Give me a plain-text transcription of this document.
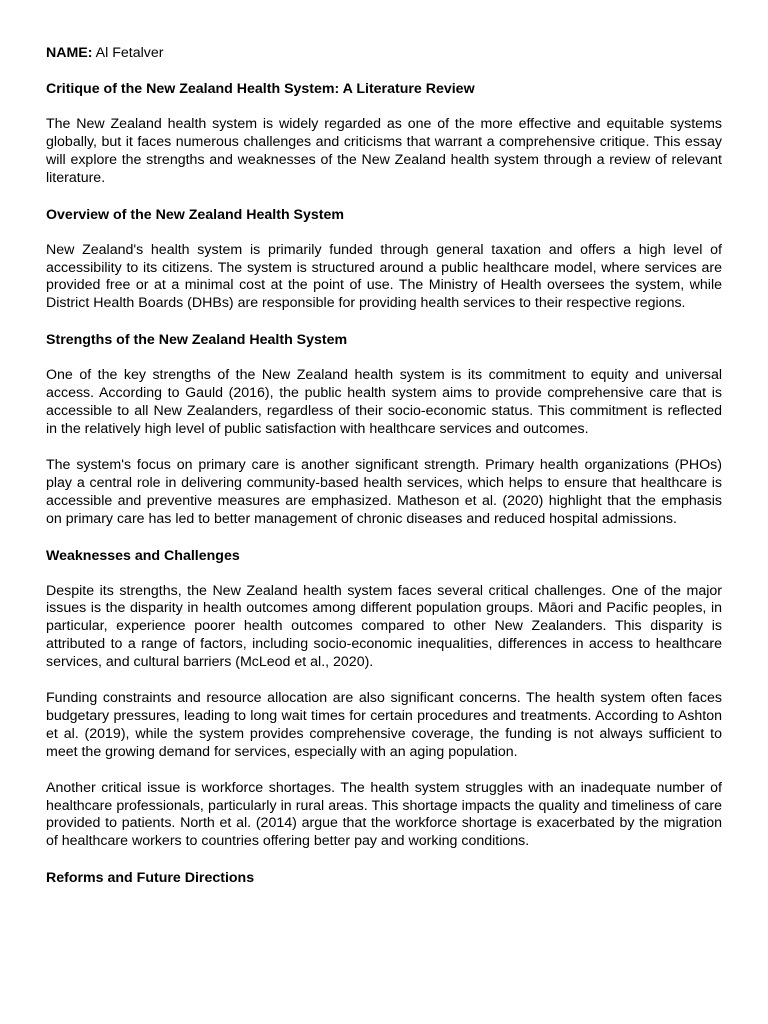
NAME: Al Fetalver

Critique of the New Zealand Health System: A Literature Review

The New Zealand health system is widely regarded as one of the more effective and equitable systems globally, but it faces numerous challenges and criticisms that warrant a comprehensive critique. This essay will explore the strengths and weaknesses of the New Zealand health system through a review of relevant literature.

Overview of the New Zealand Health System

New Zealand's health system is primarily funded through general taxation and offers a high level of accessibility to its citizens. The system is structured around a public healthcare model, where services are provided free or at a minimal cost at the point of use. The Ministry of Health oversees the system, while District Health Boards (DHBs) are responsible for providing health services to their respective regions.

Strengths of the New Zealand Health System

One of the key strengths of the New Zealand health system is its commitment to equity and universal access. According to Gauld (2016), the public health system aims to provide comprehensive care that is accessible to all New Zealanders, regardless of their socio-economic status. This commitment is reflected in the relatively high level of public satisfaction with healthcare services and outcomes.

The system's focus on primary care is another significant strength. Primary health organizations (PHOs) play a central role in delivering community-based health services, which helps to ensure that healthcare is accessible and preventive measures are emphasized. Matheson et al. (2020) highlight that the emphasis on primary care has led to better management of chronic diseases and reduced hospital admissions.

Weaknesses and Challenges

Despite its strengths, the New Zealand health system faces several critical challenges. One of the major issues is the disparity in health outcomes among different population groups. Māori and Pacific peoples, in particular, experience poorer health outcomes compared to other New Zealanders. This disparity is attributed to a range of factors, including socio-economic inequalities, differences in access to healthcare services, and cultural barriers (McLeod et al., 2020).

Funding constraints and resource allocation are also significant concerns. The health system often faces budgetary pressures, leading to long wait times for certain procedures and treatments. According to Ashton et al. (2019), while the system provides comprehensive coverage, the funding is not always sufficient to meet the growing demand for services, especially with an aging population.

Another critical issue is workforce shortages. The health system struggles with an inadequate number of healthcare professionals, particularly in rural areas. This shortage impacts the quality and timeliness of care provided to patients. North et al. (2014) argue that the workforce shortage is exacerbated by the migration of healthcare workers to countries offering better pay and working conditions.

Reforms and Future Directions
